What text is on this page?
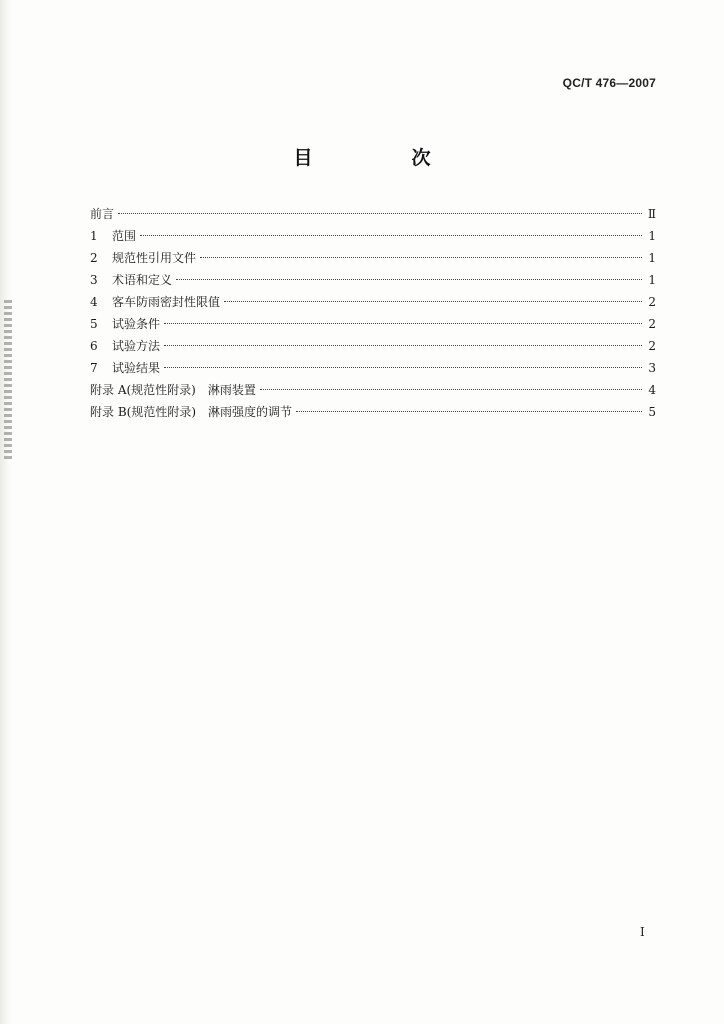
QC/T 476—2007
目　次
前言	Ⅱ
1	范围	1
2	规范性引用文件	1
3	术语和定义	1
4	客车防雨密封性限值	2
5	试验条件	2
6	试验方法	2
7	试验结果	3
附录 A(规范性附录)　淋雨装置	4
附录 B(规范性附录)　淋雨强度的调节	5
I
